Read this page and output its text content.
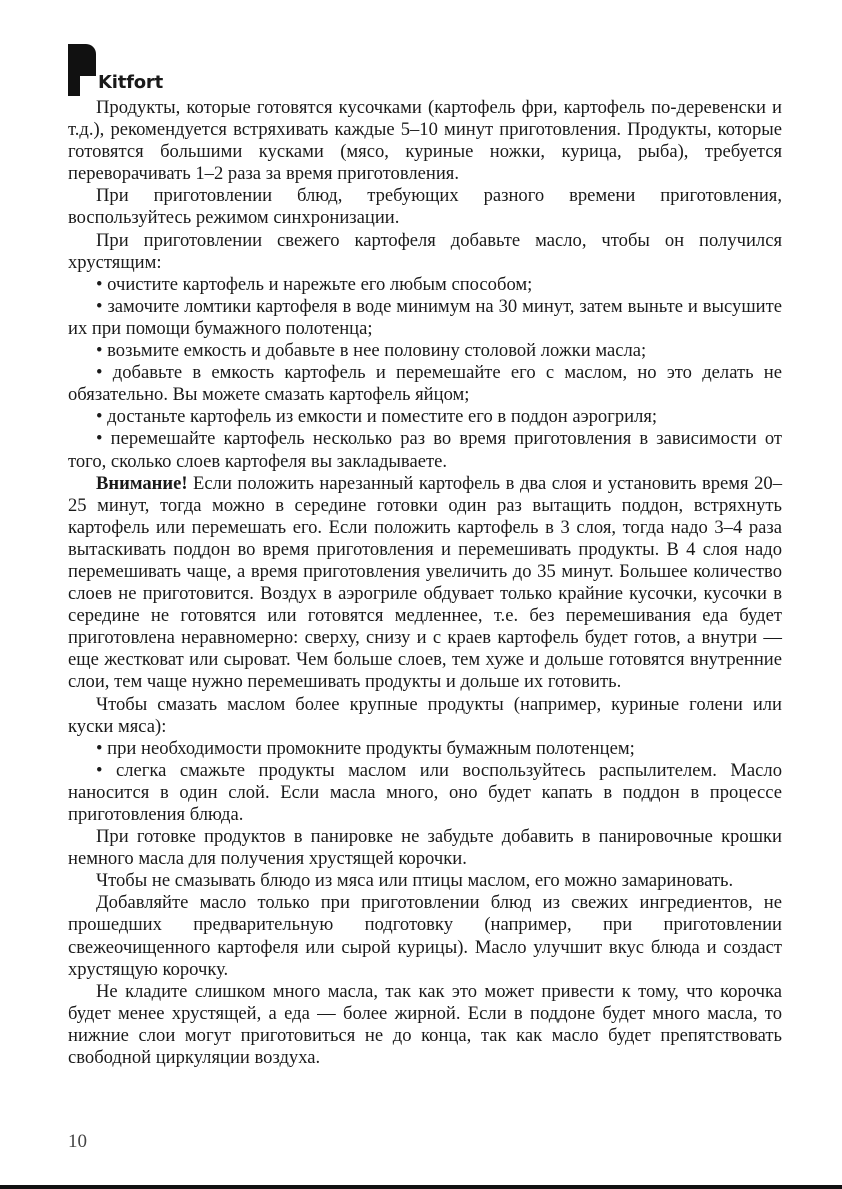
Kitfort

Продукты, которые готовятся кусочками (картофель фри, картофель по-деревенски и т.д.), рекомендуется встряхивать каждые 5–10 минут приготовления. Продукты, которые готовятся большими кусками (мясо, куриные ножки, курица, рыба), требуется переворачивать 1–2 раза за время приготовления.

При приготовлении блюд, требующих разного времени приготовления, воспользуйтесь режимом синхронизации.

При приготовлении свежего картофеля добавьте масло, чтобы он получился хрустящим:

• очистите картофель и нарежьте его любым способом;

• замочите ломтики картофеля в воде минимум на 30 минут, затем выньте и высушите их при помощи бумажного полотенца;

• возьмите емкость и добавьте в нее половину столовой ложки масла;

• добавьте в емкость картофель и перемешайте его с маслом, но это делать не обязательно. Вы можете смазать картофель яйцом;

• достаньте картофель из емкости и поместите его в поддон аэрогриля;

• перемешайте картофель несколько раз во время приготовления в зависимости от того, сколько слоев картофеля вы закладываете.

Внимание! Если положить нарезанный картофель в два слоя и установить время 20–25 минут, тогда можно в середине готовки один раз вытащить поддон, встряхнуть картофель или перемешать его. Если положить картофель в 3 слоя, тогда надо 3–4 раза вытаскивать поддон во время приготовления и перемешивать продукты. В 4 слоя надо перемешивать чаще, а время приготовления увеличить до 35 минут. Большее количество слоев не приготовится. Воздух в аэрогриле обдувает только крайние кусочки, кусочки в середине не готовятся или готовятся медленнее, т.е. без перемешивания еда будет приготовлена неравномерно: сверху, снизу и с краев картофель будет готов, а внутри — еще жестковат или сыроват. Чем больше слоев, тем хуже и дольше готовятся внутренние слои, тем чаще нужно перемешивать продукты и дольше их готовить.

Чтобы смазать маслом более крупные продукты (например, куриные голени или куски мяса):

• при необходимости промокните продукты бумажным полотенцем;

• слегка смажьте продукты маслом или воспользуйтесь распылителем. Масло наносится в один слой. Если масла много, оно будет капать в поддон в процессе приготовления блюда.

При готовке продуктов в панировке не забудьте добавить в панировочные крошки немного масла для получения хрустящей корочки.

Чтобы не смазывать блюдо из мяса или птицы маслом, его можно замариновать.

Добавляйте масло только при приготовлении блюд из свежих ингредиентов, не прошедших предварительную подготовку (например, при приготовлении свежеочищенного картофеля или сырой курицы). Масло улучшит вкус блюда и создаст хрустящую корочку.

Не кладите слишком много масла, так как это может привести к тому, что корочка будет менее хрустящей, а еда — более жирной. Если в поддоне будет много масла, то нижние слои могут приготовиться не до конца, так как масло будет препятствовать свободной циркуляции воздуха.

10
